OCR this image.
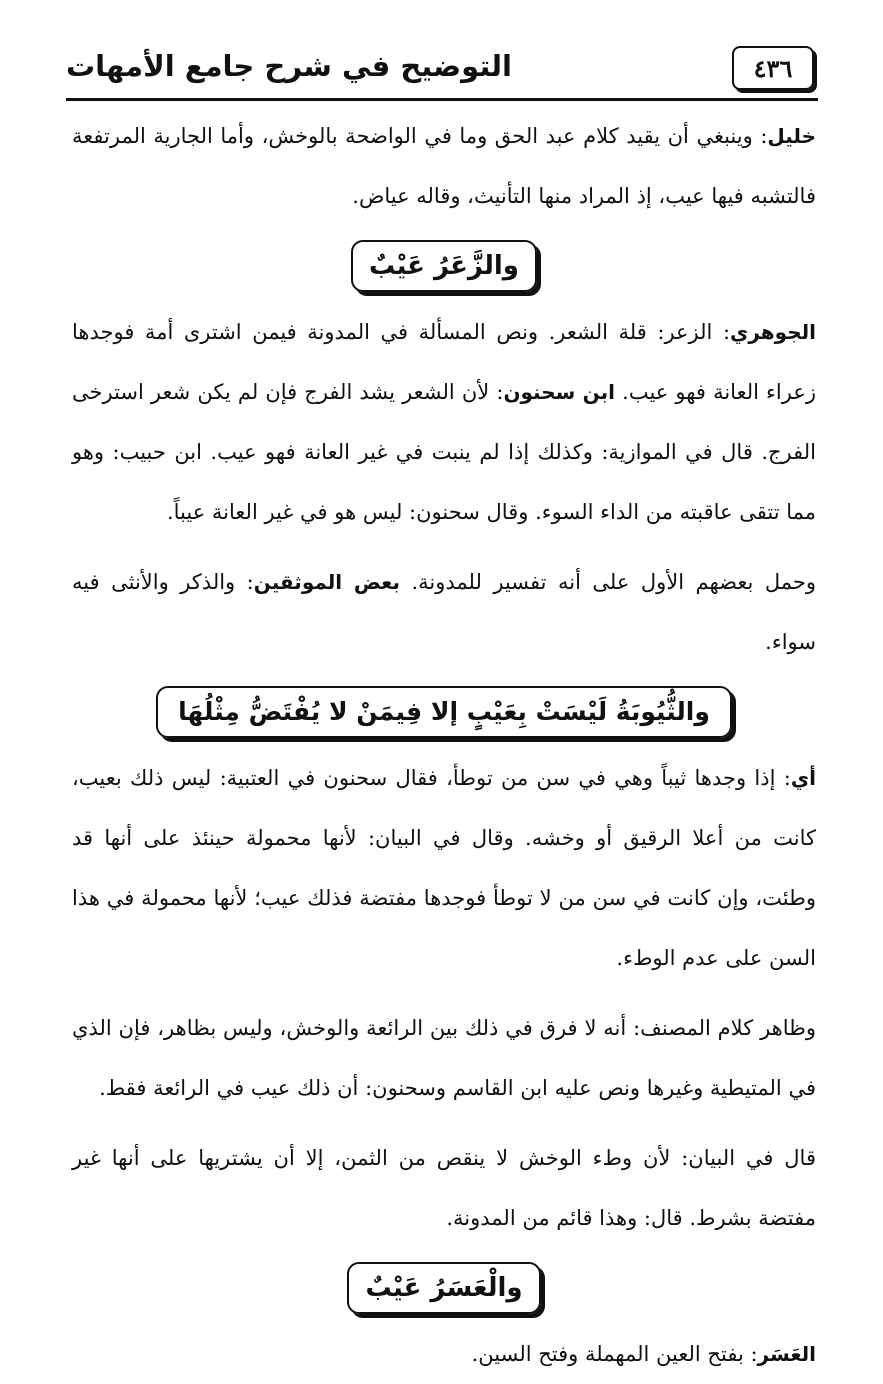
التوضيح في شرح جامع الأمهات	٤٣٦

خليل: وينبغي أن يقيد كلام عبد الحق وما في الواضحة بالوخش، وأما الجارية المرتفعة فالتشبه فيها عيب، إذ المراد منها التأنيث، وقاله عياض.

والزَّعَرُ عَيْبٌ

الجوهري: الزعر: قلة الشعر. ونص المسألة في المدونة فيمن اشترى أمة فوجدها زعراء العانة فهو عيب. ابن سحنون: لأن الشعر يشد الفرج فإن لم يكن شعر استرخى الفرج. قال في الموازية: وكذلك إذا لم ينبت في غير العانة فهو عيب. ابن حبيب: وهو مما تتقى عاقبته من الداء السوء. وقال سحنون: ليس هو في غير العانة عيباً.

وحمل بعضهم الأول على أنه تفسير للمدونة. بعض الموثقين: والذكر والأنثى فيه سواء.

والثُّيُوبَةُ لَيْسَتْ بِعَيْبٍ إلا فِيمَنْ لا يُفْتَضُّ مِثْلُهَا

أي: إذا وجدها ثيباً وهي في سن من توطأ، فقال سحنون في العتبية: ليس ذلك بعيب، كانت من أعلا الرقيق أو وخشه. وقال في البيان: لأنها محمولة حينئذ على أنها قد وطئت، وإن كانت في سن من لا توطأ فوجدها مفتضة فذلك عيب؛ لأنها محمولة في هذا السن على عدم الوطء.

وظاهر كلام المصنف: أنه لا فرق في ذلك بين الرائعة والوخش، وليس بظاهر، فإن الذي في المتيطية وغيرها ونص عليه ابن القاسم وسحنون: أن ذلك عيب في الرائعة فقط.

قال في البيان: لأن وطء الوخش لا ينقص من الثمن، إلا أن يشتريها على أنها غير مفتضة بشرط. قال: وهذا قائم من المدونة.

والْعَسَرُ عَيْبٌ

العَسَر: بفتح العين المهملة وفتح السين.
